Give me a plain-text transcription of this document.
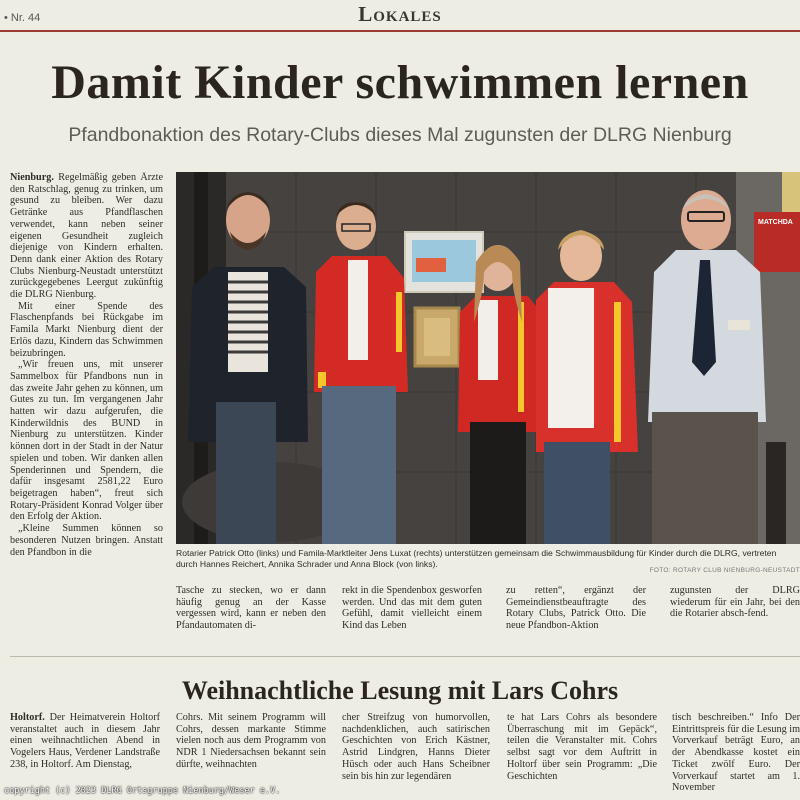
• Nr. 44	Lokales
Damit Kinder schwimmen lernen
Pfandbonaktion des Rotary-Clubs dieses Mal zugunsten der DLRG Nienburg

Nienburg. Regelmäßig geben Ärzte den Ratschlag, genug zu trinken, um gesund zu bleiben. Wer dazu Getränke aus Pfandflaschen verwendet, kann neben seiner eigenen Gesundheit zugleich diejenige von Kindern erhalten. Denn dank einer Aktion des Rotary Clubs Nienburg-Neustadt unterstützt zurückgegebenes Leergut zukünftig die DLRG Nienburg.

Mit einer Spende des Flaschenpfands bei Rückgabe im Famila Markt Nienburg dient der Erlös dazu, Kindern das Schwimmen beizubringen.

„Wir freuen uns, mit unserer Sammelbox für Pfandbons nun in das zweite Jahr gehen zu können, um Gutes zu tun. Im vergangenen Jahr hatten wir dazu aufgerufen, die Kinderwildnis des BUND in Nienburg zu unterstützen. Kinder können dort in der Stadt in der Natur spielen und toben. Wir danken allen Spenderinnen und Spendern, die dafür insgesamt 2581,22 Euro beigetragen haben“, freut sich Rotary-Präsident Konrad Volger über den Erfolg der Aktion.

„Kleine Summen können so besonderen Nutzen bringen. Anstatt den Pfandbon in die

MATCHDA
Rotarier Patrick Otto (links) und Famila-Marktleiter Jens Luxat (rechts) unterstützen gemeinsam die Schwimmausbildung für Kinder durch die DLRG, vertreten durch Hannes Reichert, Annika Schrader und Anna Block (von links).
FOTO: ROTARY CLUB NIENBURG-NEUSTADT
Tasche zu stecken, wo er dann häufig genug an der Kasse vergessen wird, kann er neben den Pfandautomaten di-
rekt in die Spendenbox gesworfen werden. Und das mit dem guten Gefühl, damit vielleicht einem Kind das Leben
zu retten“, ergänzt der Gemeindienstbeauftragte des Rotary Clubs, Patrick Otto. Die neue Pfandbon-Aktion
zugunsten der DLRG wiederum für ein Jahr, bei den die Rotarier absch-fend.
Weihnachtliche Lesung mit Lars Cohrs

Holtorf. Der Heimatverein Holtorf veranstaltet auch in diesem Jahr einen weihnachtlichen Abend in Vogelers Haus, Verdener Landstraße 238, in Holtorf. Am Dienstag,

Cohrs. Mit seinem Programm will Cohrs, dessen markante Stimme vielen noch aus dem Programm von NDR 1 Niedersachsen bekannt sein dürfte, weihnachten
cher Streifzug von humorvollen, nachdenklichen, auch satirischen Geschichten von Erich Kästner, Astrid Lindgren, Hanns Dieter Hüsch oder auch Hans Scheibner sein bis hin zur legendären
te hat Lars Cohrs als besondere Überraschung mit im Gepäck“, teilen die Veranstalter mit. Cohrs selbst sagt vor dem Auftritt in Holtorf über sein Programm: „Die Geschichten
tisch beschreiben.“ Info Der Eintrittspreis für die Lesung im Vorverkauf beträgt Euro, an der Abendkasse kostet ein Ticket zwölf Euro. Der Vorverkauf startet am 1. November
copyright (c) 2023 DLRG Ortsgruppe Nienburg/Weser e.V.
